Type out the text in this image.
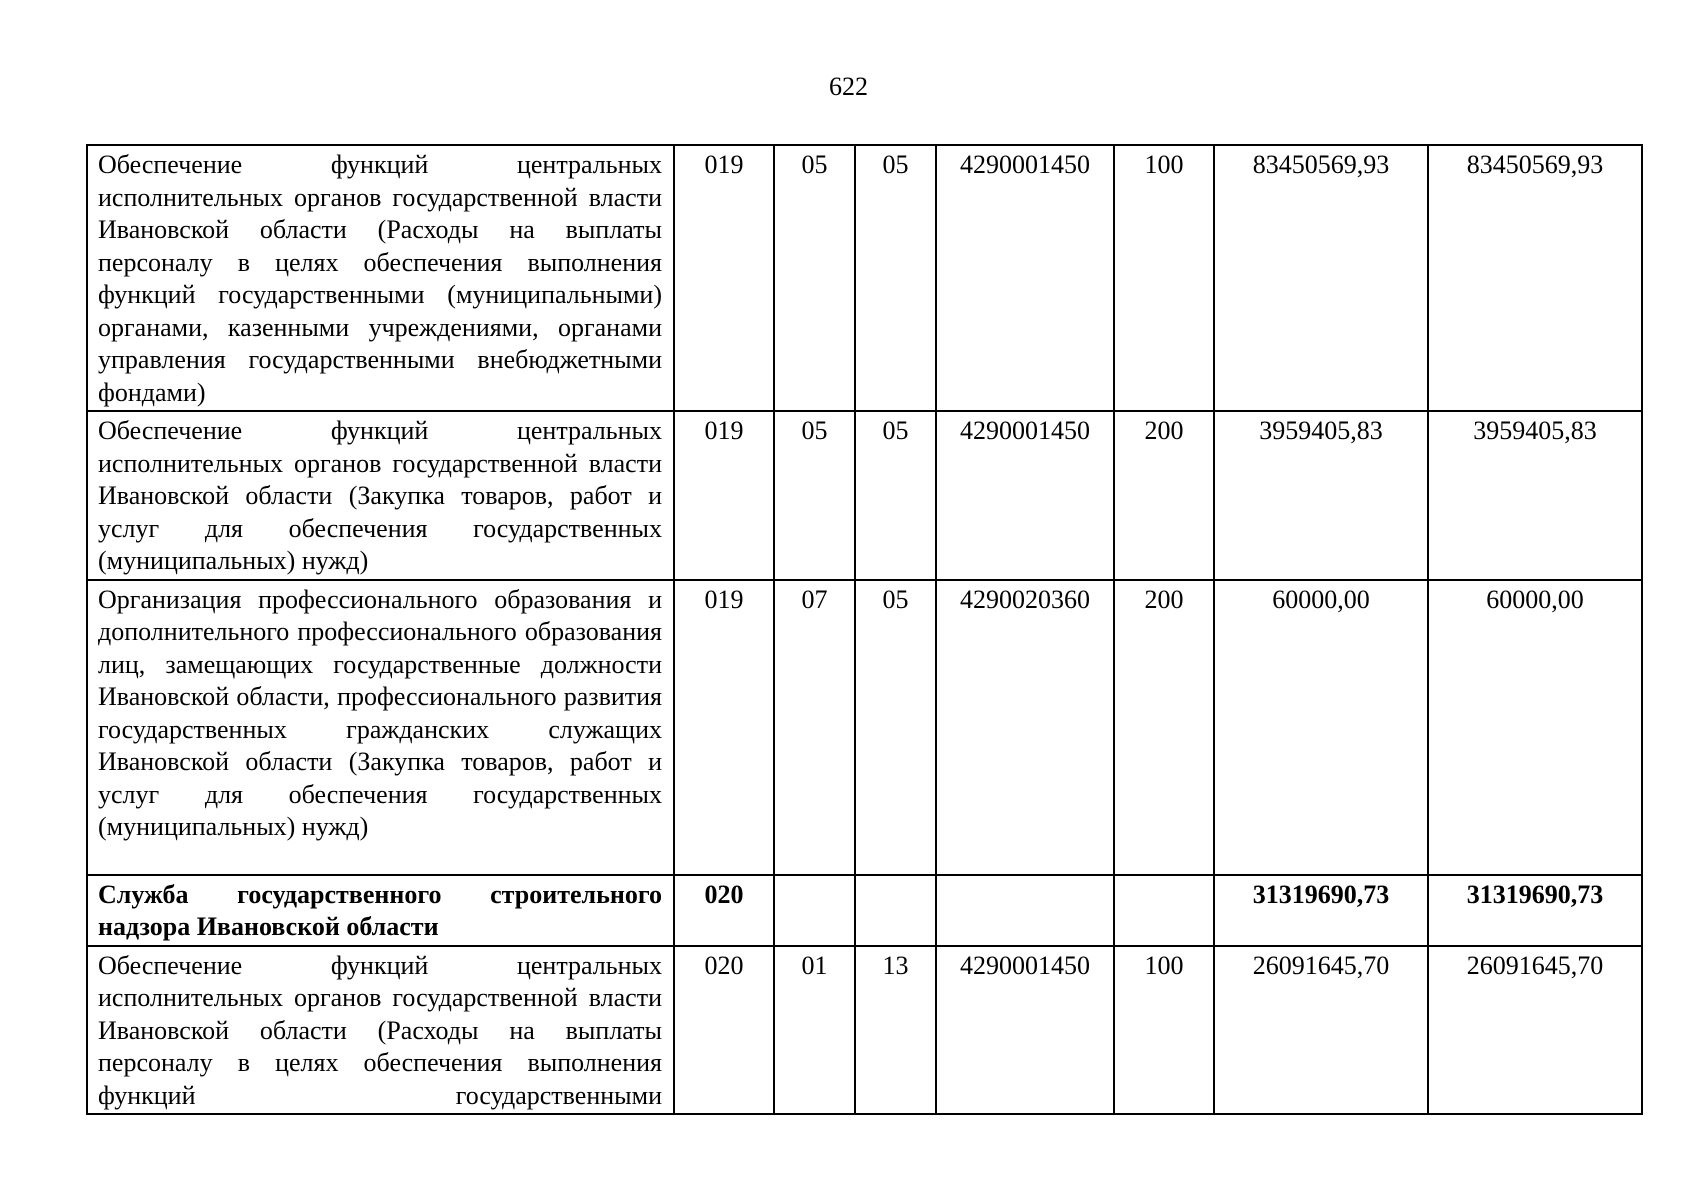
622
Обеспечение функций центральных исполнительных органов государственной власти Ивановской области (Расходы на выплаты персоналу в целях обеспечения выполнения функций государственными (муниципальными) органами, казенными учреждениями, органами управления государственными внебюджетными фондами)	019	05	05	4290001450	100	83450569,93	83450569,93
Обеспечение функций центральных исполнительных органов государственной власти Ивановской области (Закупка товаров, работ и услуг для обеспечения государственных (муниципальных) нужд)	019	05	05	4290001450	200	3959405,83	3959405,83
Организация профессионального образования и дополнительного профессионального образования лиц, замещающих государственные должности Ивановской области, профессионального развития государственных гражданских служащих Ивановской области (Закупка товаров, работ и услуг для обеспечения государственных (муниципальных) нужд)	019	07	05	4290020360	200	60000,00	60000,00
Служба государственного строительного надзора Ивановской области	020					31319690,73	31319690,73
Обеспечение функций центральных исполнительных органов государственной власти Ивановской области (Расходы на выплаты персоналу в целях обеспечения выполнения функций государственными	020	01	13	4290001450	100	26091645,70	26091645,70
